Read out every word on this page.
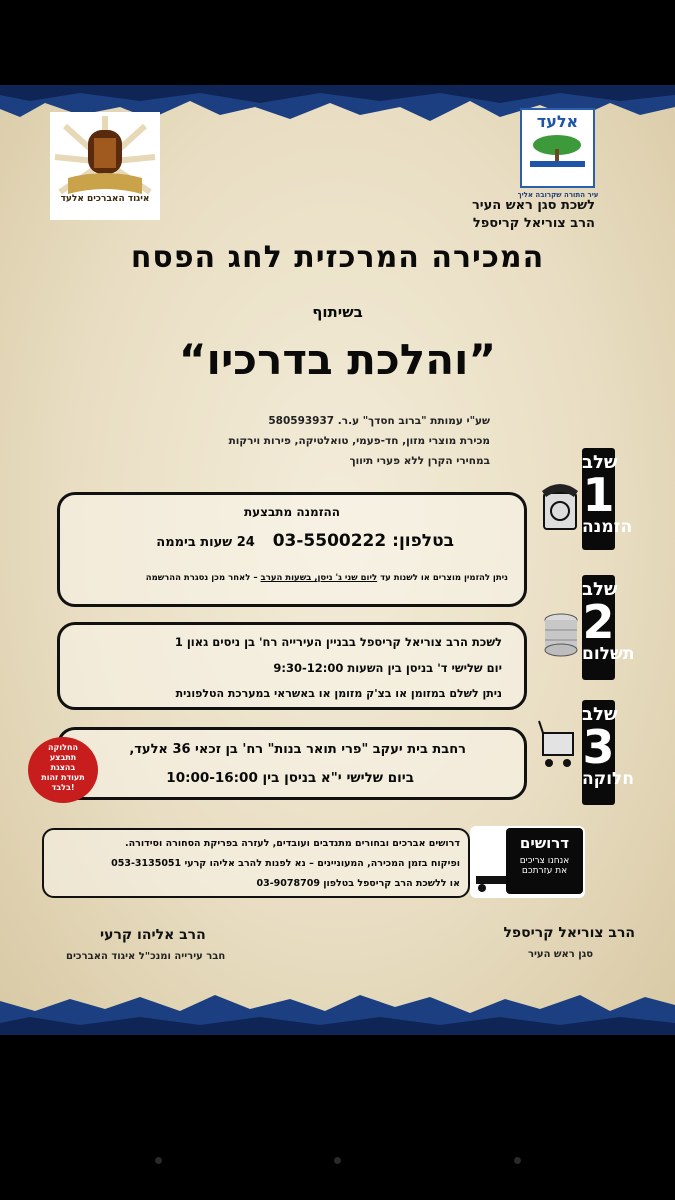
איגוד האברכים אלעד
אלעד
עיר התורה שקרובה אליך
לשכת סגן ראש העיר
הרב צוריאל קריספל
המכירה המרכזית לחג הפסח
בשיתוף
”והלכת בדרכיו“
שע"י עמותת "ברוב חסדך" ע.ר. 580593937
מכירת מוצרי מזון, חד-פעמי, טואלטיקה, פירות וירקות
במחירי הקרן ללא פערי תיווך	שלב
1
הזמנה
ההזמנה מתבצעת
בטלפון: 03-5500222 24 שעות ביממה
ניתן להזמין מוצרים או לשנות עד ליום שני ג' ניסן, בשעות הערב – לאחר מכן נסגרת ההרשמה
שלב
2
תשלום
לשכת הרב צוריאל קריספל בבניין העירייה רח' בן ניסים גאון 1
יום שלישי ד' בניסן בין השעות 9:30-12:00
ניתן לשלם במזומן או בצ'ק מזומן או באשראי במערכת הטלפונית
שלב
3
חלוקה
רחבת בית יעקב "פרי תואר בנות" רח' בן זכאי 36 אלעד,
ביום שלישי י"א בניסן בין 10:00-16:00
החלוקה
תתבצע
בהצגת
תעודת זהות
בלבד!
דרושים אברכים ובחורים מתנדבים ועובדים, לעזרה בפריקת הסחורה וסידורה.
ופיקוח בזמן המכירה, המעוניינים – נא לפנות להרב אליהו קרעי 053-3135051
או ללשכת הרב קריספל בטלפון 03-9078709
דרושים
אנחנו צריכים
את עזרתכם
הרב צוריאל קריספל
סגן ראש העיר
הרב אליהו קרעי
חבר עירייה ומנכ"ל איגוד האברכים
